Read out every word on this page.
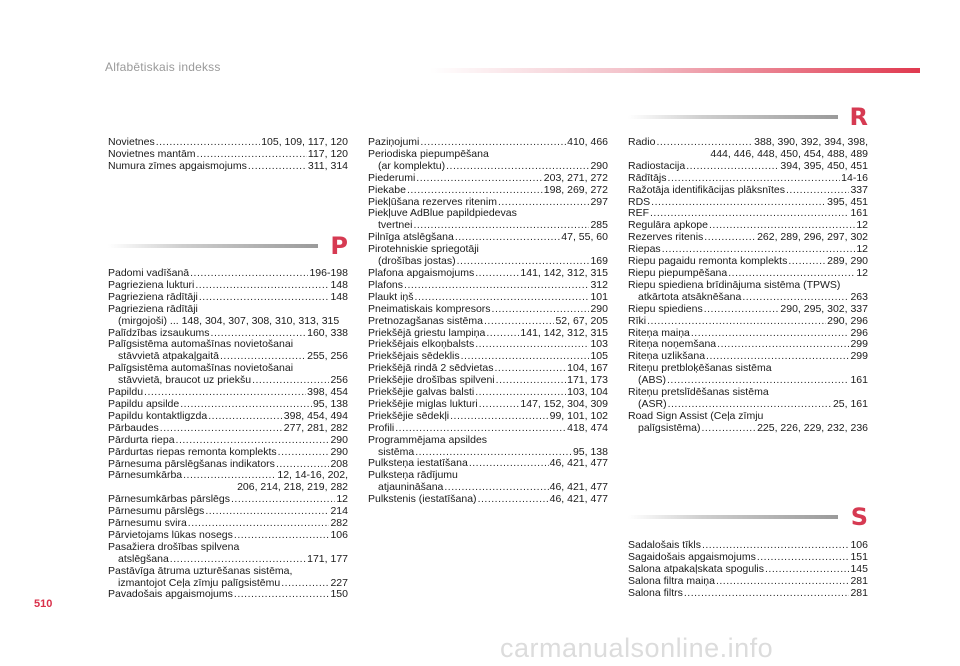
Alfabētiskais indekss
Novietnes .....	105, 109, 117, 120
Novietnes mantām .....	117, 120
Numura zīmes apgaismojums .....	311, 314
P
Padomi vadīšanā .....	196-198
Pagrieziena lukturi .....	148
Pagrieziena rādītāji .....	148
Pagrieziena rādītāji
(mirgojoši) ... 148, 304, 307, 308, 310, 313, 315
Palīdzības izsaukums .....	160, 338
Palīgsistēma automašīnas novietošanai
stāvvietā atpakaļgaitā .....	255, 256
Palīgsistēma automašīnas novietošanai
stāvvietā, braucot uz priekšu .....	256
Papildu .....	398, 454
Papildu apsilde .....	95, 138
Papildu kontaktligzda .....	398, 454, 494
Pārbaudes .....	277, 281, 282
Pārdurta riepa .....	290
Pārdurtas riepas remonta komplekts .....	290
Pārnesuma pārslēgšanas indikators .....	208
Pārnesumkārba .....	12, 14-16, 202,
206, 214, 218, 219, 282
Pārnesumkārbas pārslēgs .....	12
Pārnesumu pārslēgs .....	214
Pārnesumu svira .....	282
Pārvietojams lūkas nosegs .....	106
Pasažiera drošības spilvena
atslēgšana .....	171, 177
Pastāvīga ātruma uzturēšanas sistēma,
izmantojot Ceļa zīmju palīgsistēmu .....	227
Pavadošais apgaismojums .....	150
Paziņojumi .....	410, 466
Periodiska piepumpēšana
(ar komplektu) .....	290
Piederumi .....	203, 271, 272
Piekabe .....	198, 269, 272
Piekļūšana rezerves ritenim .....	297
Piekļuve AdBlue papildpiedevas
tvertnei .....	285
Pilnīga atslēgšana .....	47, 55, 60
Pirotehniskie spriegotāji
(drošības jostas) .....	169
Plafona apgaismojums .....	141, 142, 312, 315
Plafons .....	312
Plaukt iņš .....	101
Pneimatiskais kompresors .....	290
Pretnozagšanas sistēma .....	52, 67, 205
Priekšējā griestu lampiņa .....	141, 142, 312, 315
Priekšējais elkoņbalsts .....	103
Priekšējais sēdeklis .....	105
Priekšējā rindā 2 sēdvietas .....	104, 167
Priekšējie drošības spilveni .....	171, 173
Priekšējie galvas balsti .....	103, 104
Priekšējie miglas lukturi .....	147, 152, 304, 309
Priekšējie sēdekļi .....	99, 101, 102
Profili .....	418, 474
Programmējama apsildes
sistēma .....	95, 138
Pulksteņa iestatīšana .....	46, 421, 477
Pulksteņa rādījumu
atjaunināšana .....	46, 421, 477
Pulkstenis (iestatīšana) .....	46, 421, 477
R
Radio .....	388, 390, 392, 394, 398,
444, 446, 448, 450, 454, 488, 489
Radiostacija .....	394, 395, 450, 451
Rādītājs .....	14-16
Ražotāja identifikācijas plāksnītes .....	337
RDS .....	395, 451
REF .....	161
Regulāra apkope .....	12
Rezerves ritenis .....	262, 289, 296, 297, 302
Riepas .....	12
Riepu pagaidu remonta komplekts .....	289, 290
Riepu piepumpēšana .....	12
Riepu spiediena brīdinājuma sistēma (TPWS)
atkārtota atsāknēšana .....	263
Riepu spiediens .....	290, 295, 302, 337
Rīki .....	290, 296
Riteņa maiņa .....	296
Riteņa noņemšana .....	299
Riteņa uzlikšana .....	299
Riteņu pretbloķēšanas sistēma
(ABS) .....	161
Riteņu pretslīdēšanas sistēma
(ASR) .....	25, 161
Road Sign Assist (Ceļa zīmju
palīgsistēma) .....	225, 226, 229, 232, 236
S
Sadalošais tīkls .....	106
Sagaidošais apgaismojums .....	151
Salona atpakaļskata spogulis .....	145
Salona filtra maiņa .....	281
Salona filtrs .....	281
510
carmanualsonline.info
